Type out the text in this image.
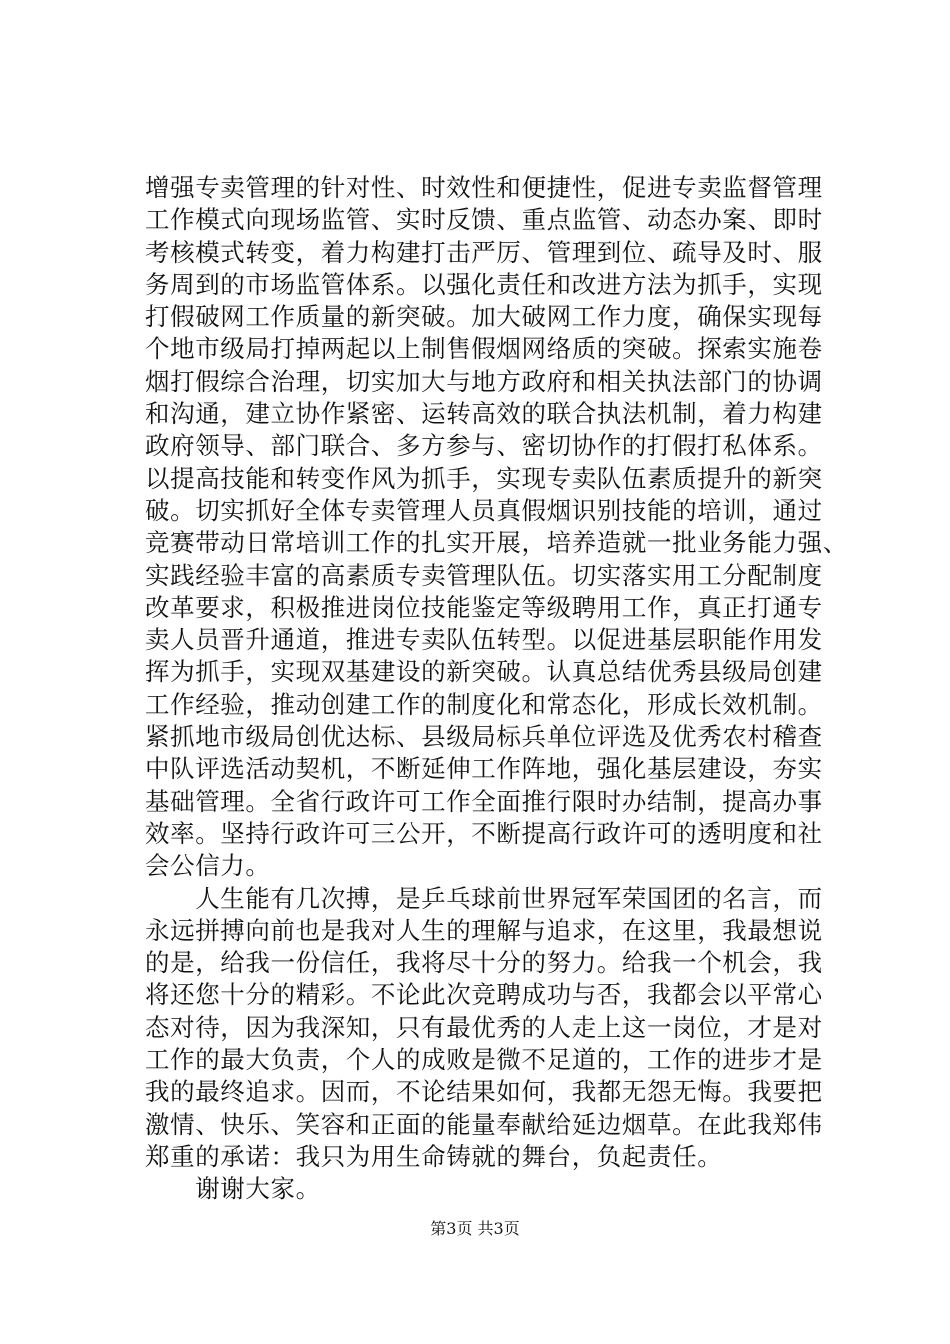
增强专卖管理的针对性、时效性和便捷性，促进专卖监督管理
工作模式向现场监管、实时反馈、重点监管、动态办案、即时
考核模式转变，着力构建打击严厉、管理到位、疏导及时、服
务周到的市场监管体系。以强化责任和改进方法为抓手，实现
打假破网工作质量的新突破。加大破网工作力度，确保实现每
个地市级局打掉两起以上制售假烟网络质的突破。探索实施卷
烟打假综合治理，切实加大与地方政府和相关执法部门的协调
和沟通，建立协作紧密、运转高效的联合执法机制，着力构建
政府领导、部门联合、多方参与、密切协作的打假打私体系。
以提高技能和转变作风为抓手，实现专卖队伍素质提升的新突
破。切实抓好全体专卖管理人员真假烟识别技能的培训，通过
竞赛带动日常培训工作的扎实开展，培养造就一批业务能力强、
实践经验丰富的高素质专卖管理队伍。切实落实用工分配制度
改革要求，积极推进岗位技能鉴定等级聘用工作，真正打通专
卖人员晋升通道，推进专卖队伍转型。以促进基层职能作用发
挥为抓手，实现双基建设的新突破。认真总结优秀县级局创建
工作经验，推动创建工作的制度化和常态化，形成长效机制。
紧抓地市级局创优达标、县级局标兵单位评选及优秀农村稽查
中队评选活动契机，不断延伸工作阵地，强化基层建设，夯实
基础管理。全省行政许可工作全面推行限时办结制，提高办事
效率。坚持行政许可三公开，不断提高行政许可的透明度和社
会公信力。
　　人生能有几次搏，是乒乓球前世界冠军荣国团的名言，而
永远拼搏向前也是我对人生的理解与追求，在这里，我最想说
的是，给我一份信任，我将尽十分的努力。给我一个机会，我
将还您十分的精彩。不论此次竞聘成功与否，我都会以平常心
态对待，因为我深知，只有最优秀的人走上这一岗位，才是对
工作的最大负责，个人的成败是微不足道的，工作的进步才是
我的最终追求。因而，不论结果如何，我都无怨无悔。我要把
激情、快乐、笑容和正面的能量奉献给延边烟草。在此我郑伟
郑重的承诺：我只为用生命铸就的舞台，负起责任。
　　谢谢大家。
第3页 共3页
